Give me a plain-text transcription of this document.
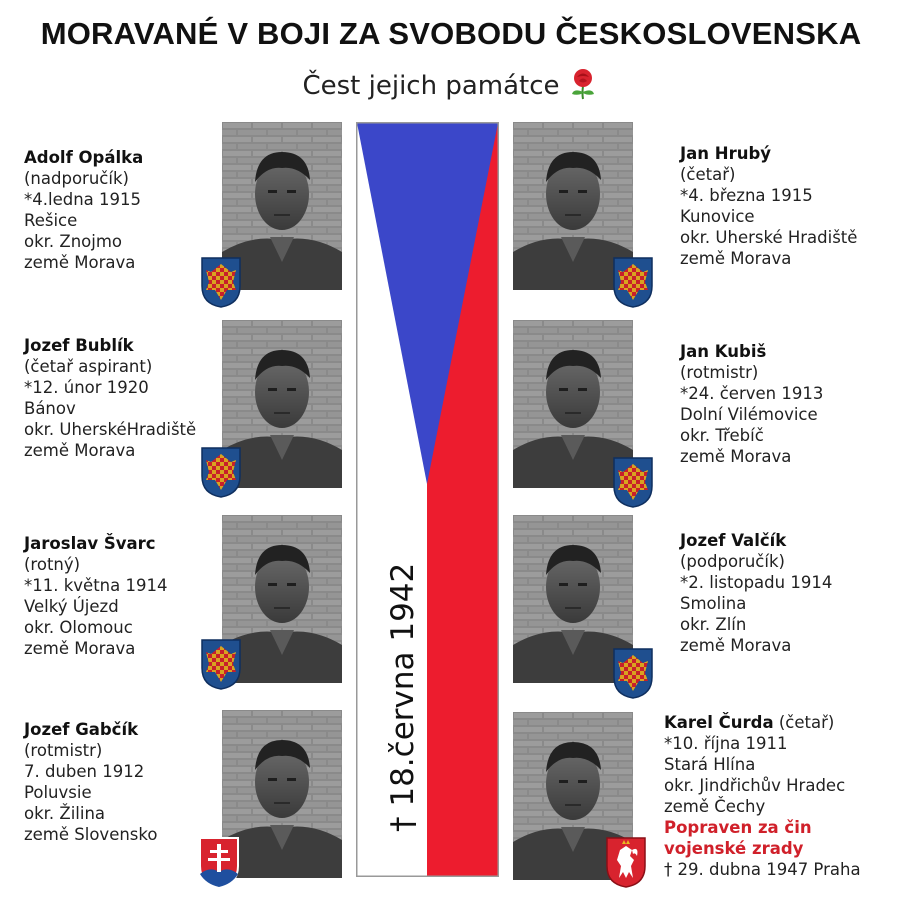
MORAVANÉ V BOJI ZA SVOBODU ČESKOSLOVENSKA
Čest jejich památce
† 18.června 1942
Adolf Opálka
(nadporučík)
*4.ledna 1915
Rešice
okr. Znojmo
země Morava
Jozef Bublík
(četař aspirant)
*12. únor 1920
Bánov
okr. UherskéHradiště
země Morava
Jaroslav Švarc
(rotný)
*11. května 1914
Velký Újezd
okr. Olomouc
země Morava
Jozef Gabčík
(rotmistr)
7. duben 1912
Poluvsie
okr. Žilina
země Slovensko
Jan Hrubý
(četař)
*4. března 1915
Kunovice
okr. Uherské Hradiště
země Morava
Jan Kubiš
(rotmistr)
*24. červen 1913
Dolní Vilémovice
okr. Třebíč
země Morava
Jozef Valčík
(podporučík)
*2. listopadu 1914
Smolina
okr. Zlín
země Morava
Karel Čurda (četař)
*10. října 1911
Stará Hlína
okr. Jindřichův Hradec
země Čechy
Popraven za čin vojenské zrady
† 29. dubna 1947 Praha
